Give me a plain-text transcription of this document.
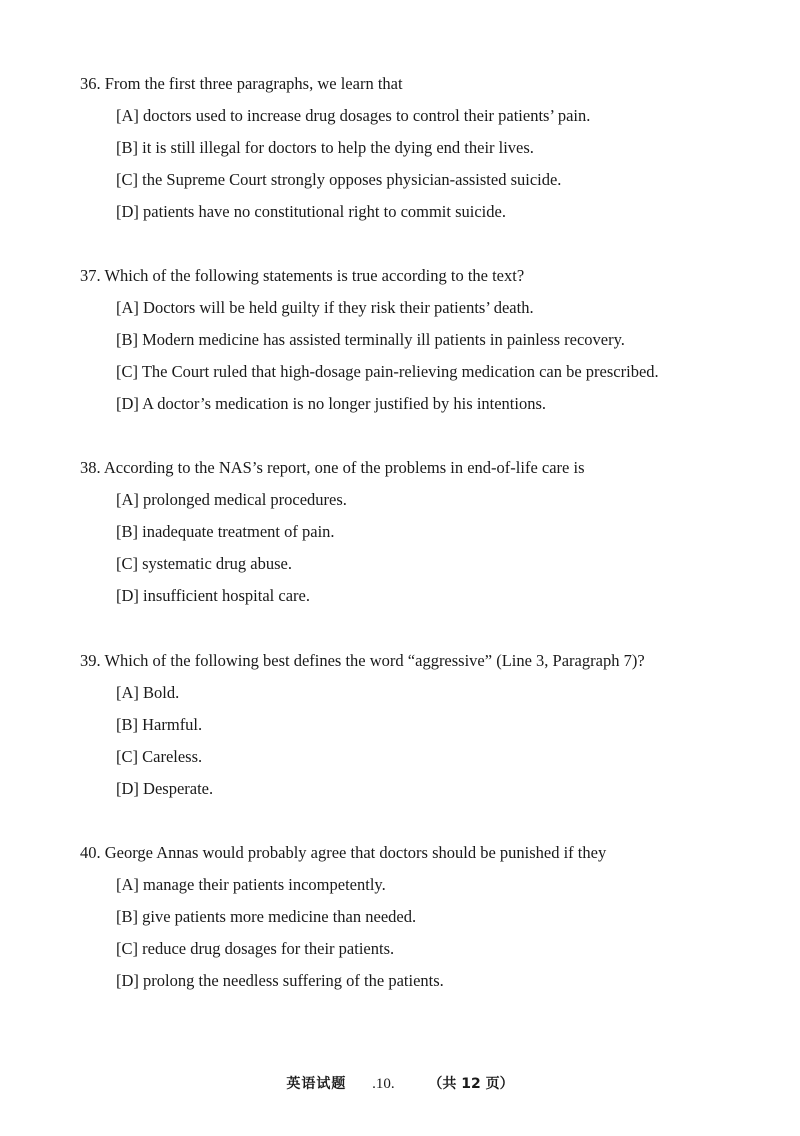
36. From the first three paragraphs, we learn that
[A] doctors used to increase drug dosages to control their patients’ pain.
[B] it is still illegal for doctors to help the dying end their lives.
[C] the Supreme Court strongly opposes physician-assisted suicide.
[D] patients have no constitutional right to commit suicide.
37. Which of the following statements is true according to the text?
[A] Doctors will be held guilty if they risk their patients’ death.
[B] Modern medicine has assisted terminally ill patients in painless recovery.
[C] The Court ruled that high-dosage pain-relieving medication can be prescribed.
[D] A doctor’s medication is no longer justified by his intentions.
38. According to the NAS’s report, one of the problems in end-of-life care is
[A] prolonged medical procedures.
[B] inadequate treatment of pain.
[C] systematic drug abuse.
[D] insufficient hospital care.
39. Which of the following best defines the word “aggressive” (Line 3, Paragraph 7)?
[A] Bold.
[B] Harmful.
[C] Careless.
[D] Desperate.
40. George Annas would probably agree that doctors should be punished if they
[A] manage their patients incompetently.
[B] give patients more medicine than needed.
[C] reduce drug dosages for their patients.
[D] prolong the needless suffering of the patients.
英语试题 .10. （共 12 页）
